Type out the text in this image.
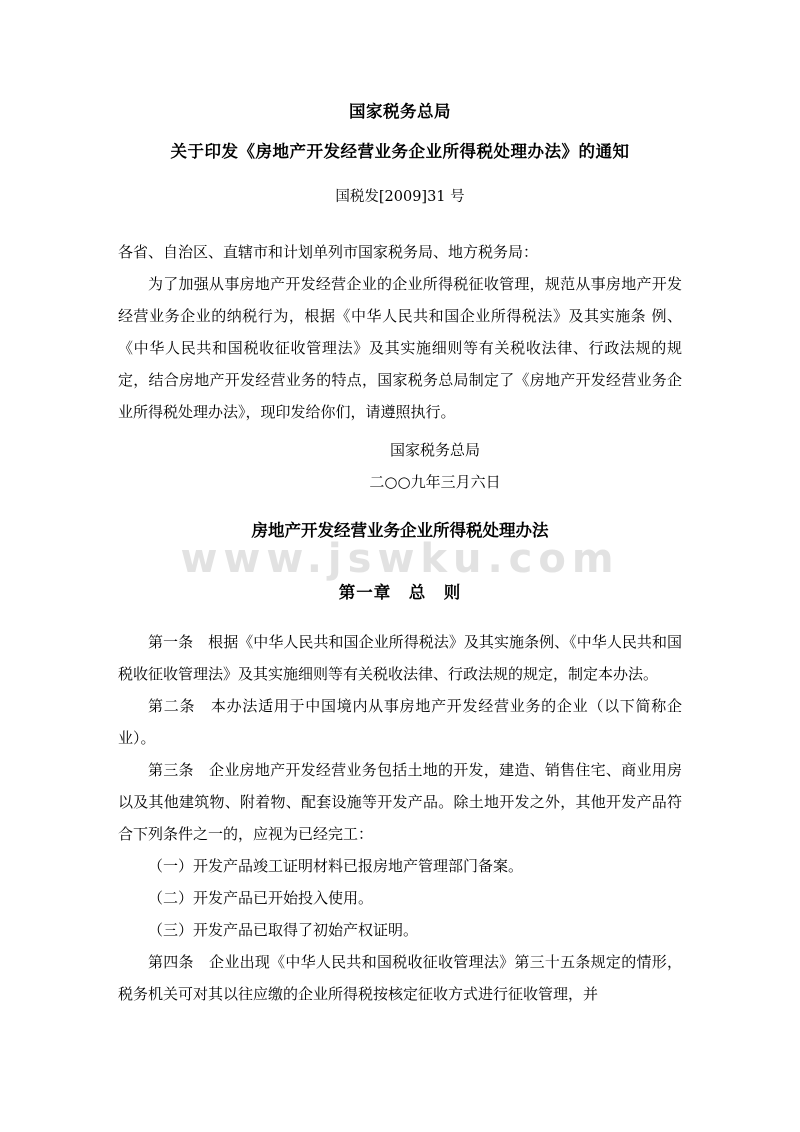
www.jswku.com
国家税务总局
关于印发《房地产开发经营业务企业所得税处理办法》的通知
国税发[2009]31 号

各省、自治区、直辖市和计划单列市国家税务局、地方税务局：

为了加强从事房地产开发经营企业的企业所得税征收管理，规范从事房地产开发经营业务企业的纳税行为，根据《中华人民共和国企业所得税法》及其实施条 例、《中华人民共和国税收征收管理法》及其实施细则等有关税收法律、行政法规的规定，结合房地产开发经营业务的特点，国家税务总局制定了《房地产开发经营业务企业所得税处理办法》，现印发给你们，请遵照执行。

国家税务总局
二○○九年三月六日
房地产开发经营业务企业所得税处理办法
第一章　总　则

第一条　根据《中华人民共和国企业所得税法》及其实施条例、《中华人民共和国税收征收管理法》及其实施细则等有关税收法律、行政法规的规定，制定本办法。

第二条　本办法适用于中国境内从事房地产开发经营业务的企业（以下简称企业）。

第三条　企业房地产开发经营业务包括土地的开发，建造、销售住宅、商业用房以及其他建筑物、附着物、配套设施等开发产品。除土地开发之外，其他开发产品符合下列条件之一的，应视为已经完工：

（一）开发产品竣工证明材料已报房地产管理部门备案。

（二）开发产品已开始投入使用。

（三）开发产品已取得了初始产权证明。

第四条　企业出现《中华人民共和国税收征收管理法》第三十五条规定的情形，税务机关可对其以往应缴的企业所得税按核定征收方式进行征收管理，并
